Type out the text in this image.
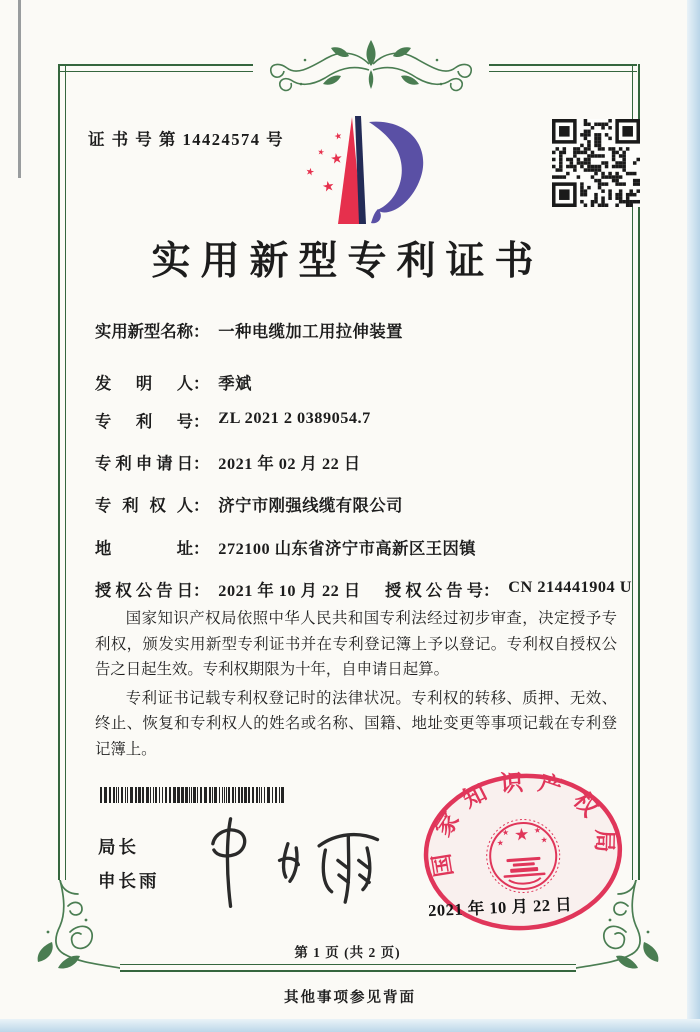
证 书 号 第 14424574 号	★
★ ★
★
★
实用新型专利证书
实用新型名称： 一种电缆加工用拉伸装置
发明人： 季斌
专利号： ZL 2021 2 0389054.7
专利申请日： 2021 年 02 月 22 日
专利权人： 济宁市刚强线缆有限公司
地址： 272100 山东省济宁市高新区王因镇
授权公告日： 2021 年 10 月 22 日 授权公告号： CN 214441904 U

国家知识产权局依照中华人民共和国专利法经过初步审查，决定授予专利权，颁发实用新型专利证书并在专利登记簿上予以登记。专利权自授权公告之日起生效。专利权期限为十年，自申请日起算。

专利证书记载专利权登记时的法律状况。专利权的转移、质押、无效、终止、恢复和专利权人的姓名或名称、国籍、地址变更等事项记载在专利登记簿上。

局长
申长雨
国家知识产权局
★
★	★
★	★
2021 年 10 月 22 日
第 1 页 (共 2 页)
其他事项参见背面
